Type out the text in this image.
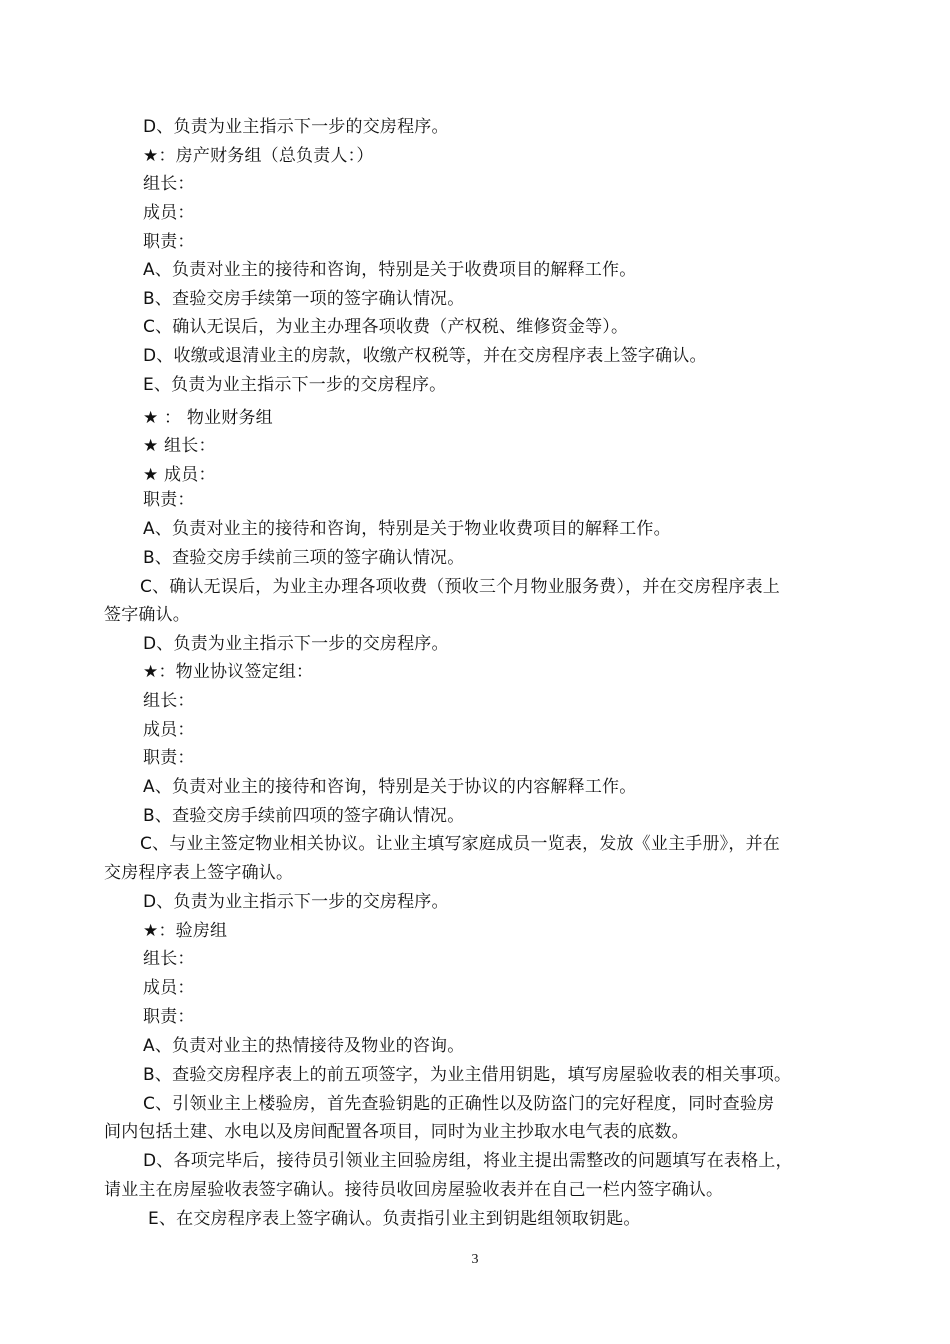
D、负责为业主指示下一步的交房程序。
★：房产财务组（总负责人：）
组长：
成员：
职责：
A、负责对业主的接待和咨询，特别是关于收费项目的解释工作。
B、查验交房手续第一项的签字确认情况。
C、确认无误后，为业主办理各项收费（产权税、维修资金等）。
D、收缴或退清业主的房款，收缴产权税等，并在交房程序表上签字确认。
E、负责为业主指示下一步的交房程序。
★ ： 物业财务组
★ 组长：
★ 成员：
职责：
A、负责对业主的接待和咨询，特别是关于物业收费项目的解释工作。
B、查验交房手续前三项的签字确认情况。
C、确认无误后，为业主办理各项收费（预收三个月物业服务费），并在交房程序表上
签字确认。
D、负责为业主指示下一步的交房程序。
★：物业协议签定组：
组长：
成员：
职责：
A、负责对业主的接待和咨询，特别是关于协议的内容解释工作。
B、查验交房手续前四项的签字确认情况。
C、与业主签定物业相关协议。让业主填写家庭成员一览表，发放《业主手册》，并在
交房程序表上签字确认。
D、负责为业主指示下一步的交房程序。
★：验房组
组长：
成员：
职责：
A、负责对业主的热情接待及物业的咨询。
B、查验交房程序表上的前五项签字，为业主借用钥匙，填写房屋验收表的相关事项。
C、引领业主上楼验房，首先查验钥匙的正确性以及防盗门的完好程度，同时查验房
间内包括土建、水电以及房间配置各项目，同时为业主抄取水电气表的底数。
D、各项完毕后，接待员引领业主回验房组，将业主提出需整改的问题填写在表格上，
请业主在房屋验收表签字确认。接待员收回房屋验收表并在自己一栏内签字确认。
E、在交房程序表上签字确认。负责指引业主到钥匙组领取钥匙。
3
